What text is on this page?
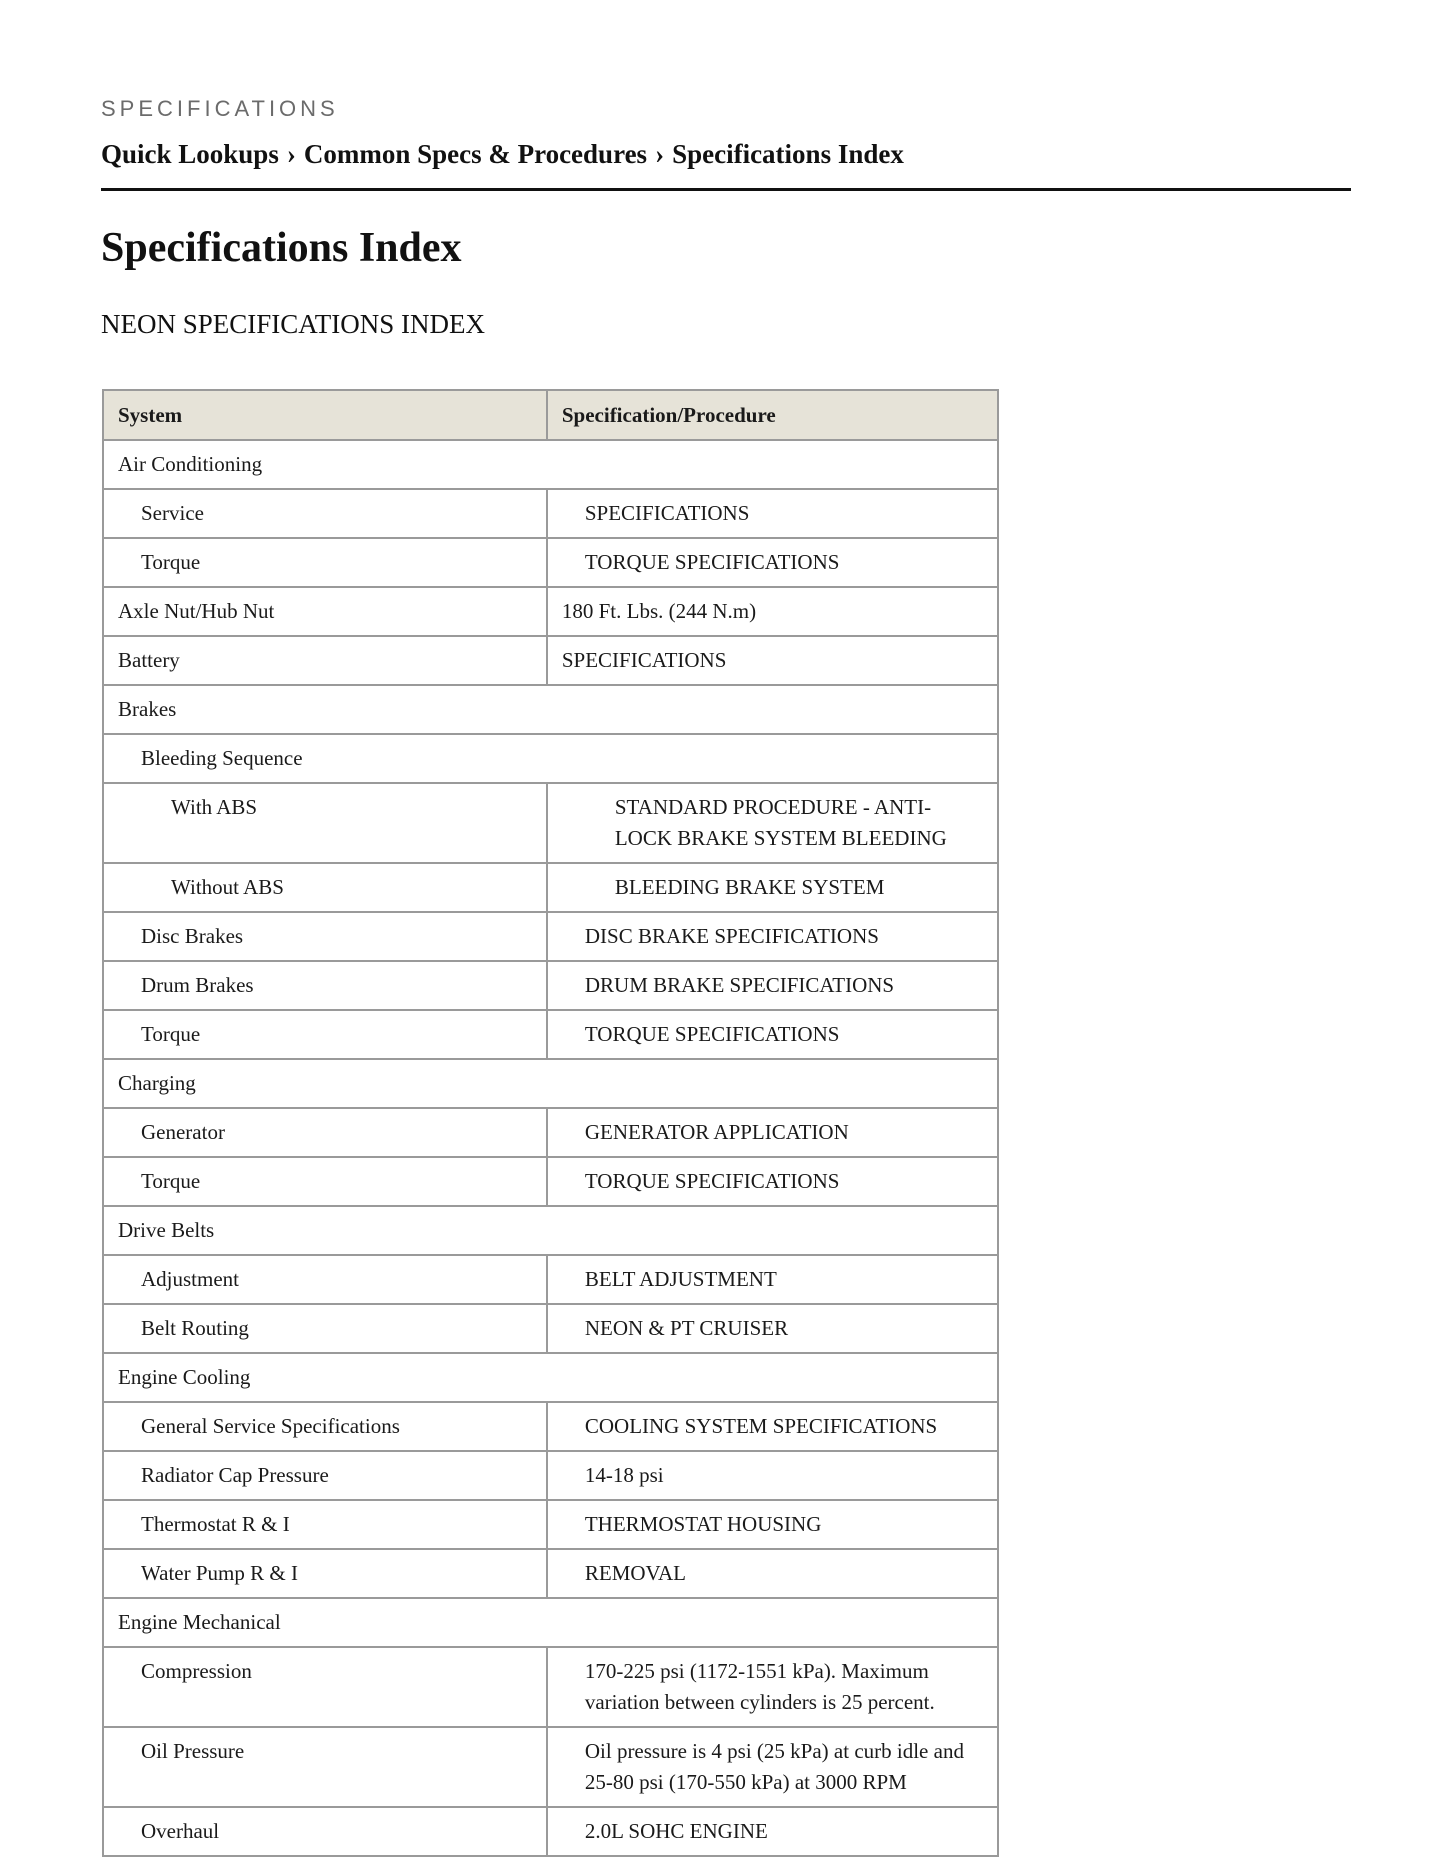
SPECIFICATIONS
Quick Lookups › Common Specs & Procedures › Specifications Index
Specifications Index
NEON SPECIFICATIONS INDEX
System	Specification/Procedure
Air Conditioning	
Service	SPECIFICATIONS
Torque	TORQUE SPECIFICATIONS
Axle Nut/Hub Nut	180 Ft. Lbs. (244 N.m)
Battery	SPECIFICATIONS
Brakes	
Bleeding Sequence	
With ABS	STANDARD PROCEDURE - ANTI-LOCK BRAKE SYSTEM BLEEDING
Without ABS	BLEEDING BRAKE SYSTEM
Disc Brakes	DISC BRAKE SPECIFICATIONS
Drum Brakes	DRUM BRAKE SPECIFICATIONS
Torque	TORQUE SPECIFICATIONS
Charging	
Generator	GENERATOR APPLICATION
Torque	TORQUE SPECIFICATIONS
Drive Belts	
Adjustment	BELT ADJUSTMENT
Belt Routing	NEON & PT CRUISER
Engine Cooling	
General Service Specifications	COOLING SYSTEM SPECIFICATIONS
Radiator Cap Pressure	14-18 psi
Thermostat R & I	THERMOSTAT HOUSING
Water Pump R & I	REMOVAL
Engine Mechanical	
Compression	170-225 psi (1172-1551 kPa). Maximum variation between cylinders is 25 percent.
Oil Pressure	Oil pressure is 4 psi (25 kPa) at curb idle and 25-80 psi (170-550 kPa) at 3000 RPM
Overhaul	2.0L SOHC ENGINE
